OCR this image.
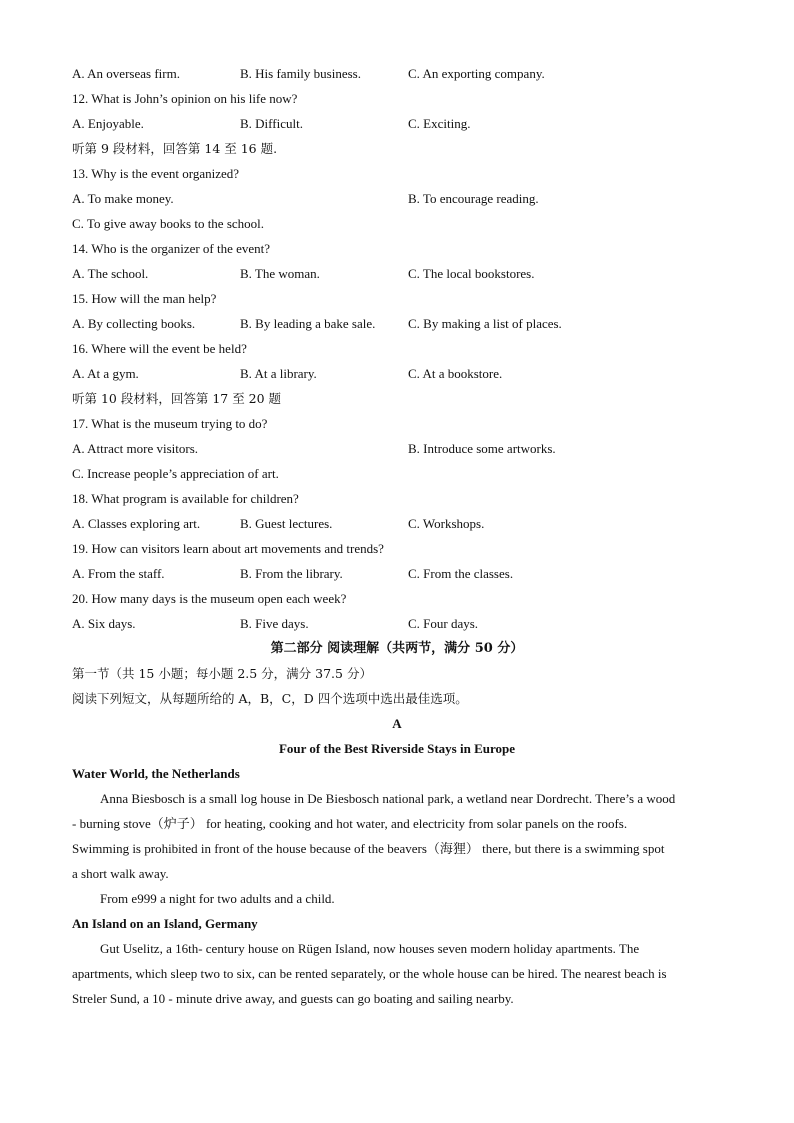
A. An overseas firm.	B. His family business.	C. An exporting company.
12. What is John’s opinion on his life now?
A. Enjoyable.	B. Difficult.	C. Exciting.
听第 9 段材料，回答第 14 至 16 题.
13. Why is the event organized?
A. To make money.	B. To encourage reading.
C. To give away books to the school.
14. Who is the organizer of the event?
A. The school.	B. The woman.	C. The local bookstores.
15. How will the man help?
A. By collecting books.	B. By leading a bake sale.	C. By making a list of places.
16. Where will the event be held?
A. At a gym.	B. At a library.	C. At a bookstore.
听第 10 段材料，回答第 17 至 20 题
17. What is the museum trying to do?
A. Attract more visitors.	B. Introduce some artworks.
C. Increase people’s appreciation of art.
18. What program is available for children?
A. Classes exploring art.	B. Guest lectures.	C. Workshops.
19. How can visitors learn about art movements and trends?
A. From the staff.	B. From the library.	C. From the classes.
20. How many days is the museum open each week?
A. Six days.	B. Five days.	C. Four days.
第二部分 阅读理解（共两节，满分 50 分）
第一节（共 15 小题；每小题 2.5 分，满分 37.5 分）
阅读下列短文，从每题所给的 A，B，C，D 四个选项中选出最佳选项。
A
Four of the Best Riverside Stays in Europe
Water World, the Netherlands
Anna Biesbosch is a small log house in De Biesbosch national park, a wetland near Dordrecht. There’s a wood
- burning stove（炉子） for heating, cooking and hot water, and electricity from solar panels on the roofs.
Swimming is prohibited in front of the house because of the beavers（海狸） there, but there is a swimming spot
a short walk away.
From e999 a night for two adults and a child.
An Island on an Island, Germany
Gut Uselitz, a 16th- century house on Rügen Island, now houses seven modern holiday apartments. The
apartments, which sleep two to six, can be rented separately, or the whole house can be hired. The nearest beach is
Streler Sund, a 10 - minute drive away, and guests can go boating and sailing nearby.
